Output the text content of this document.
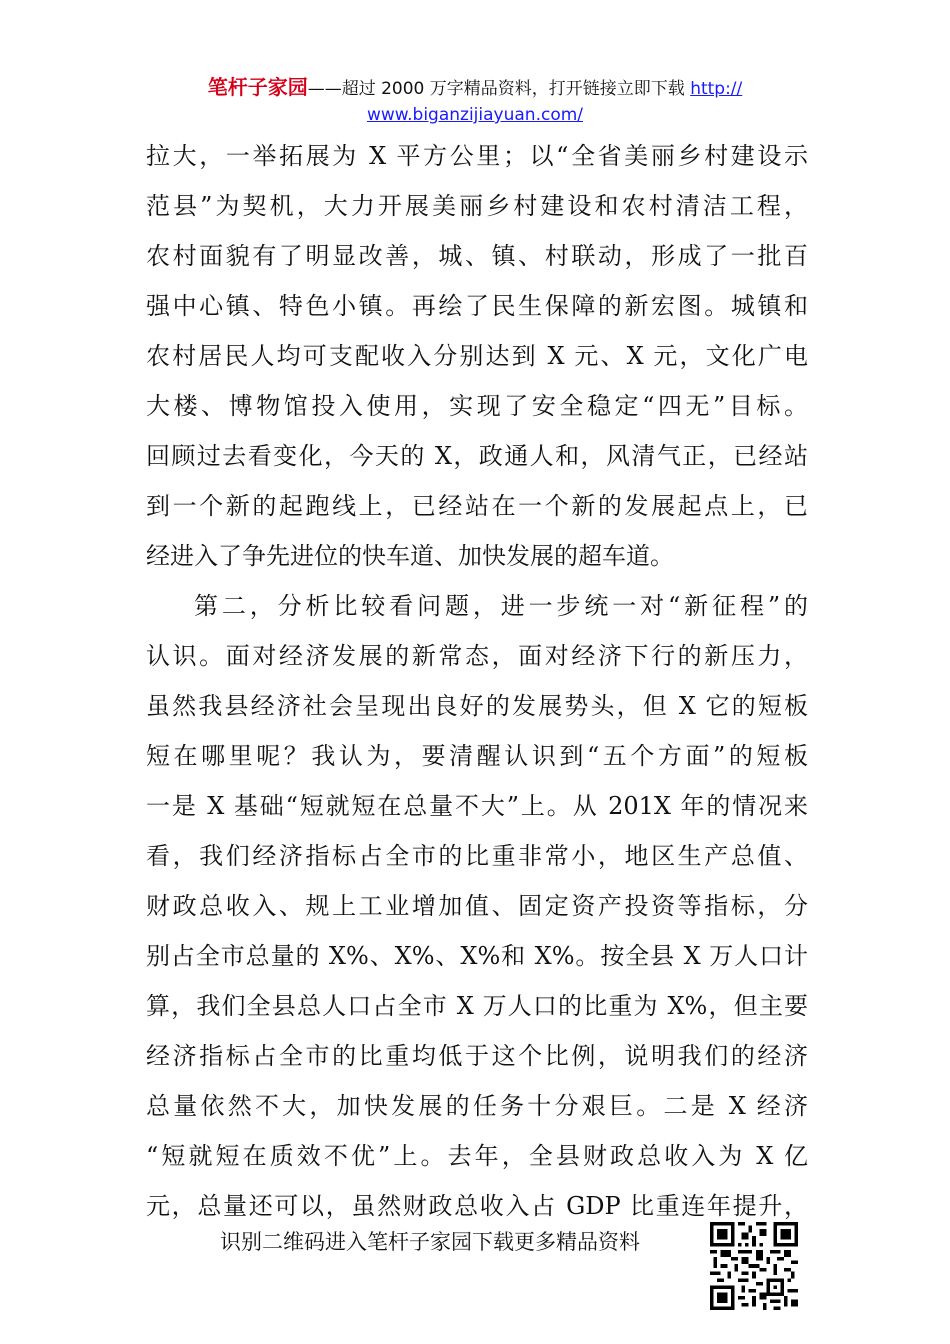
笔杆子家园——超过 2000 万字精品资料，打开链接立即下载 http://
www.biganzijiayuan.com/
拉大，一举拓展为 X 平方公里；以“全省美丽乡村建设示
范县”为契机，大力开展美丽乡村建设和农村清洁工程，
农村面貌有了明显改善，城、镇、村联动，形成了一批百
强中心镇、特色小镇。再绘了民生保障的新宏图。城镇和
农村居民人均可支配收入分别达到 X 元、X 元，文化广电
大楼、博物馆投入使用，实现了安全稳定“四无”目标。
回顾过去看变化，今天的 X，政通人和，风清气正，已经站
到一个新的起跑线上，已经站在一个新的发展起点上，已
经进入了争先进位的快车道、加快发展的超车道。
第二，分析比较看问题，进一步统一对“新征程”的
认识。面对经济发展的新常态，面对经济下行的新压力，
虽然我县经济社会呈现出良好的发展势头，但 X 它的短板
短在哪里呢？我认为，要清醒认识到“五个方面”的短板
一是 X 基础“短就短在总量不大”上。从 201X 年的情况来
看，我们经济指标占全市的比重非常小，地区生产总值、
财政总收入、规上工业增加值、固定资产投资等指标，分
别占全市总量的 X%、X%、X%和 X%。按全县 X 万人口计
算，我们全县总人口占全市 X 万人口的比重为 X%，但主要
经济指标占全市的比重均低于这个比例，说明我们的经济
总量依然不大，加快发展的任务十分艰巨。二是 X 经济
“短就短在质效不优”上。去年，全县财政总收入为 X 亿
元，总量还可以，虽然财政总收入占 GDP 比重连年提升，
识别二维码进入笔杆子家园下载更多精品资料
